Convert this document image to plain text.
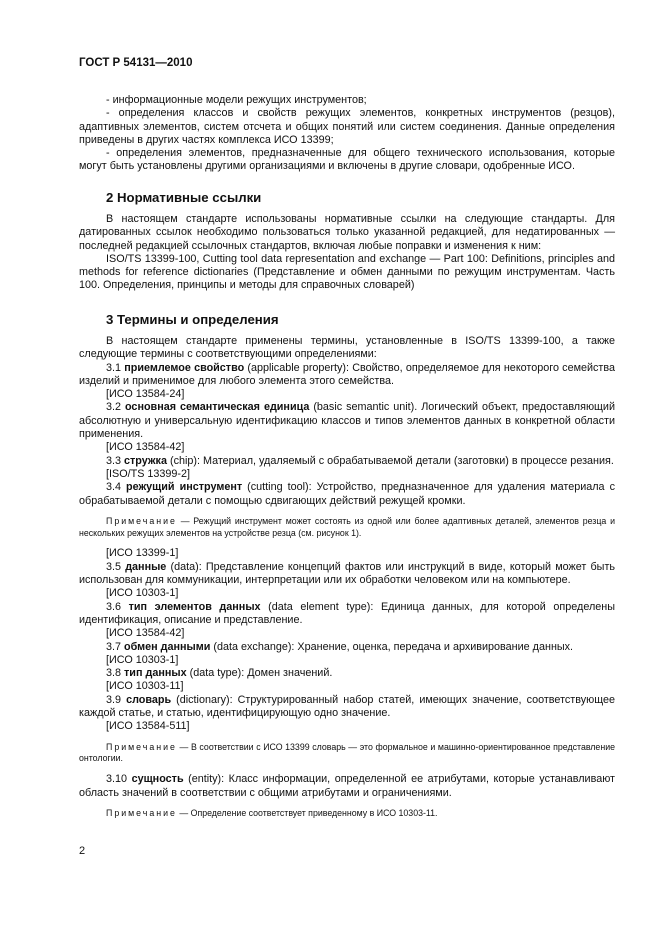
ГОСТ Р 54131—2010

- информационные модели режущих инструментов;

- определения классов и свойств режущих элементов, конкретных инструментов (резцов), адаптивных элементов, систем отсчета и общих понятий или систем соединения. Данные определения приведены в других частях комплекса ИСО 13399;

- определения элементов, предназначенные для общего технического использования, которые могут быть установлены другими организациями и включены в другие словари, одобренные ИСО.

2 Нормативные ссылки

В настоящем стандарте использованы нормативные ссылки на следующие стандарты. Для датированных ссылок необходимо пользоваться только указанной редакцией, для недатированных — последней редакцией ссылочных стандартов, включая любые поправки и изменения к ним:

ISO/TS 13399-100, Cutting tool data representation and exchange — Part 100: Definitions, principles and methods for reference dictionaries (Представление и обмен данными по режущим инструментам. Часть 100. Определения, принципы и методы для справочных словарей)

3 Термины и определения

В настоящем стандарте применены термины, установленные в ISO/TS 13399-100, а также следующие термины с соответствующими определениями:

3.1 приемлемое свойство (applicable property): Свойство, определяемое для некоторого семейства изделий и применимое для любого элемента этого семейства.

[ИСО 13584-24]

3.2 основная семантическая единица (basic semantic unit). Логический объект, предоставляющий абсолютную и универсальную идентификацию классов и типов элементов данных в конкретной области применения.

[ИСО 13584-42]

3.3 стружка (chip): Материал, удаляемый с обрабатываемой детали (заготовки) в процессе резания.

[ISO/TS 13399-2]

3.4 режущий инструмент (cutting tool): Устройство, предназначенное для удаления материала с обрабатываемой детали с помощью сдвигающих действий режущей кромки.

Примечание — Режущий инструмент может состоять из одной или более адаптивных деталей, элементов резца и нескольких режущих элементов на устройстве резца (см. рисунок 1).

[ИСО 13399-1]

3.5 данные (data): Представление концепций фактов или инструкций в виде, который может быть использован для коммуникации, интерпретации или их обработки человеком или на компьютере.

[ИСО 10303-1]

3.6 тип элементов данных (data element type): Единица данных, для которой определены идентификация, описание и представление.

[ИСО 13584-42]

3.7 обмен данными (data exchange): Хранение, оценка, передача и архивирование данных.

[ИСО 10303-1]

3.8 тип данных (data type): Домен значений.

[ИСО 10303-11]

3.9 словарь (dictionary): Структурированный набор статей, имеющих значение, соответствующее каждой статье, и статью, идентифицирующую одно значение.

[ИСО 13584-511]

Примечание — В соответствии с ИСО 13399 словарь — это формальное и машинно-ориентированное представление онтологии.

3.10 сущность (entity): Класс информации, определенной ее атрибутами, которые устанавливают область значений в соответствии с общими атрибутами и ограничениями.

Примечание — Определение соответствует приведенному в ИСО 10303-11.

2
